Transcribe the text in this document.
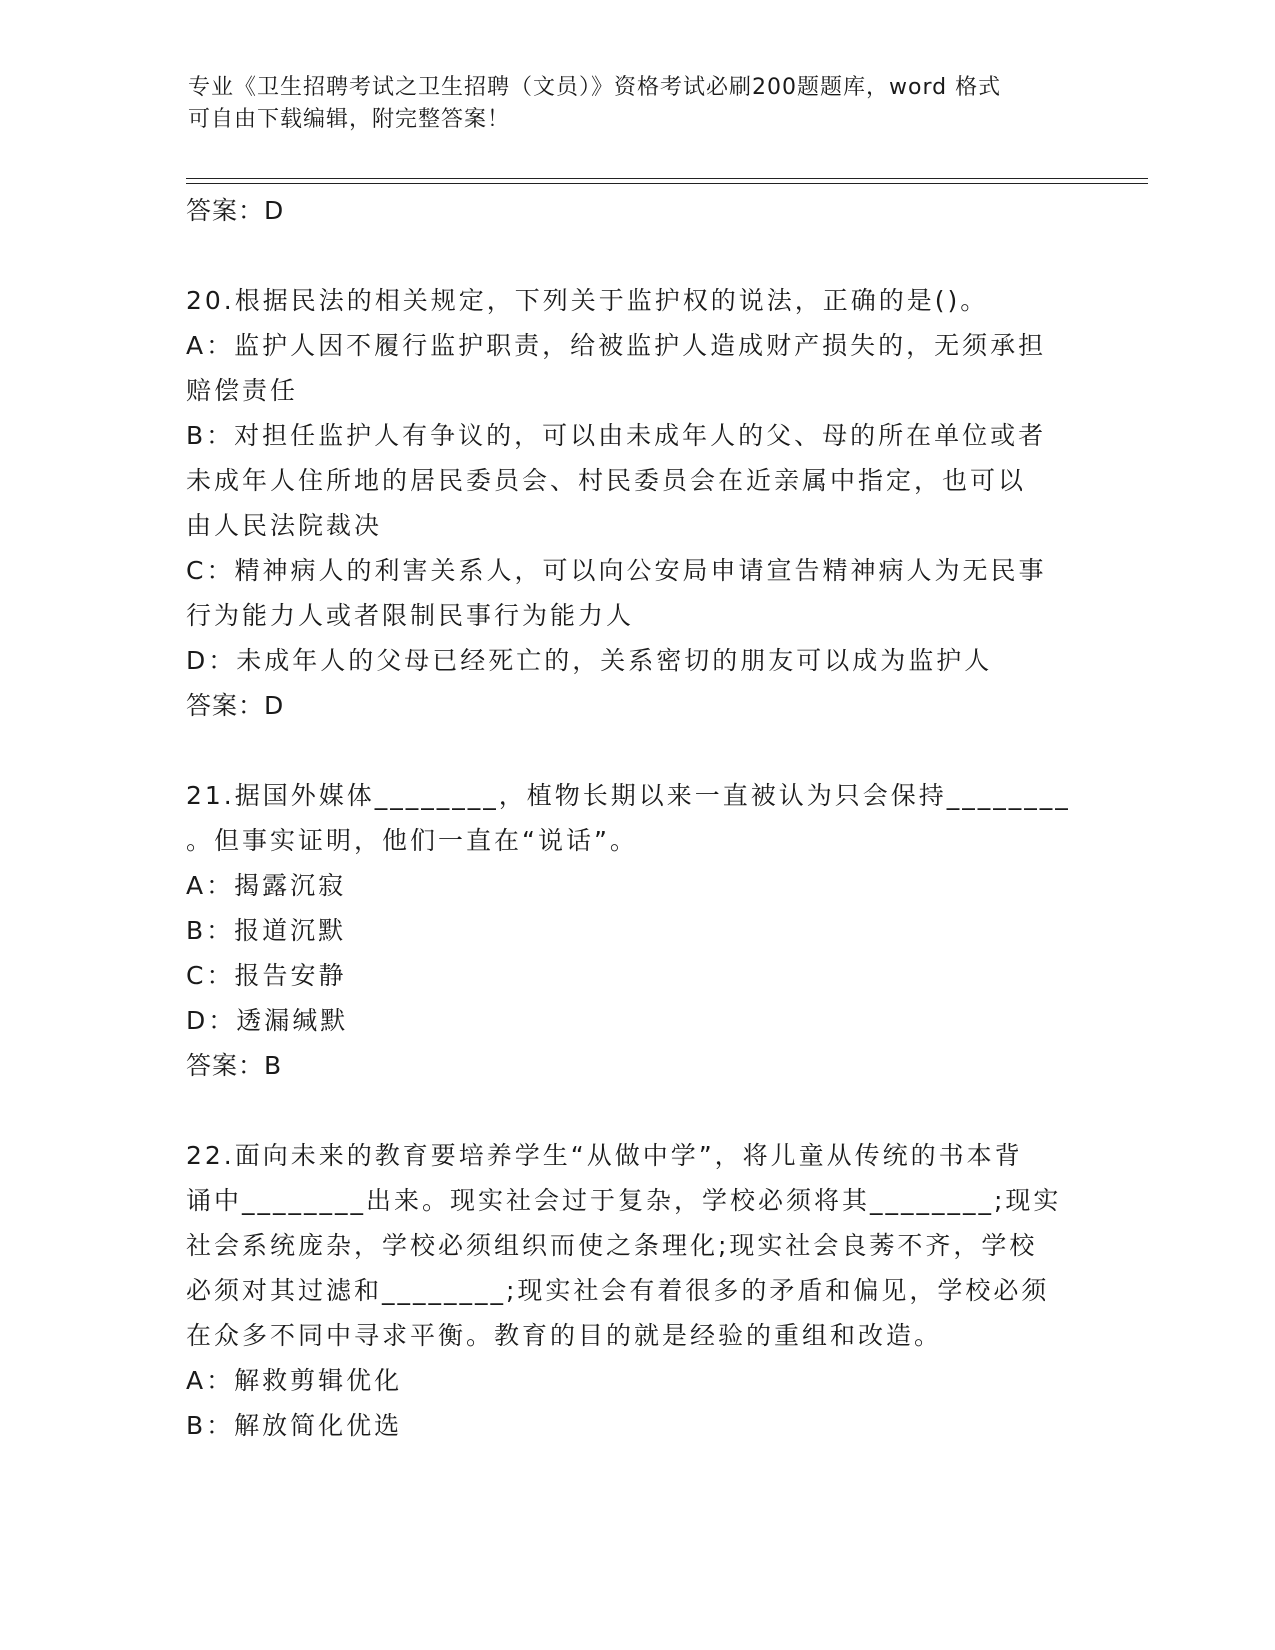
专业《卫生招聘考试之卫生招聘（文员）》资格考试必刷200题题库，word 格式
可自由下载编辑，附完整答案！
答案：D
20.根据民法的相关规定，下列关于监护权的说法，正确的是()。
A：监护人因不履行监护职责，给被监护人造成财产损失的，无须承担
赔偿责任
B：对担任监护人有争议的，可以由未成年人的父、母的所在单位或者
未成年人住所地的居民委员会、村民委员会在近亲属中指定，也可以
由人民法院裁决
C：精神病人的利害关系人，可以向公安局申请宣告精神病人为无民事
行为能力人或者限制民事行为能力人
D：未成年人的父母已经死亡的，关系密切的朋友可以成为监护人
答案：D
21.据国外媒体________，植物长期以来一直被认为只会保持________
。但事实证明，他们一直在“说话”。
A：揭露沉寂
B：报道沉默
C：报告安静
D：透漏缄默
答案：B
22.面向未来的教育要培养学生“从做中学”，将儿童从传统的书本背
诵中________出来。现实社会过于复杂，学校必须将其________;现实
社会系统庞杂，学校必须组织而使之条理化;现实社会良莠不齐，学校
必须对其过滤和________;现实社会有着很多的矛盾和偏见，学校必须
在众多不同中寻求平衡。教育的目的就是经验的重组和改造。
A：解救剪辑优化
B：解放简化优选
